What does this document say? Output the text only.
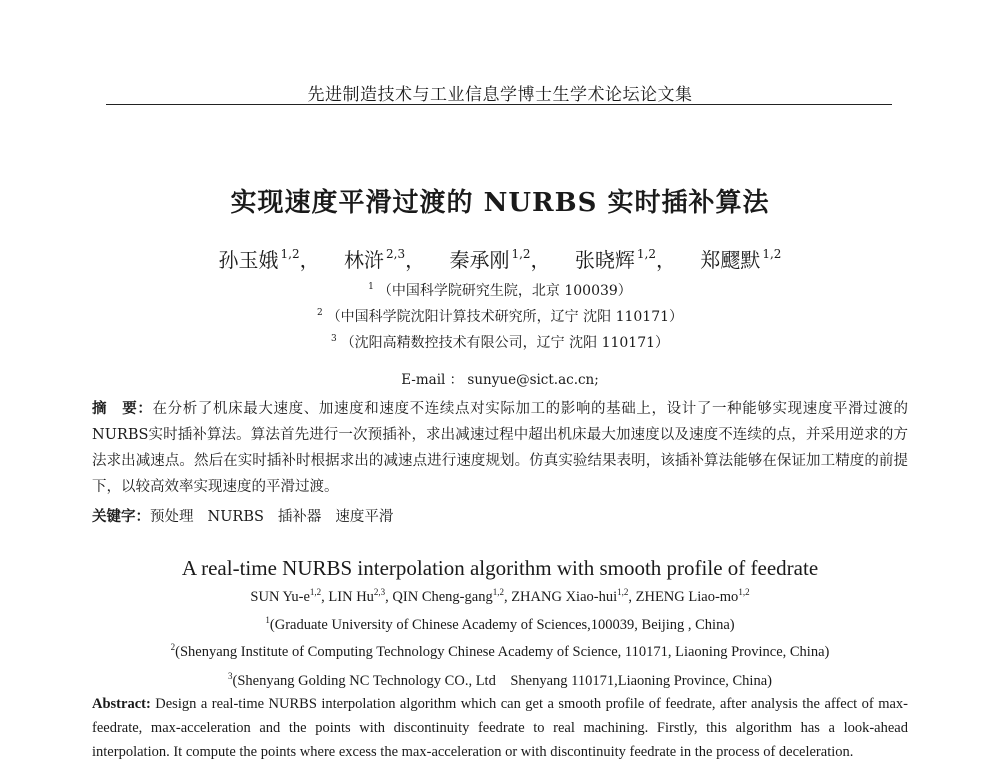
先进制造技术与工业信息学博士生学术论坛论文集
实现速度平滑过渡的 NURBS 实时插补算法
孙玉娥 $^{1,2}$， 林浒 $^{2,3}$， 秦承刚 $^{1,2}$， 张晓辉 $^{1,2}$， 郑飂默 $^{1,2}$
$^1$ （中国科学院研究生院，北京 100039）
$^2$ （中国科学院沈阳计算技术研究所，辽宁 沈阳 110171）
$^3$ （沈阳高精数控技术有限公司，辽宁 沈阳 110171）
E-mail ： sunyue@sict.ac.cn;
摘　要：在分析了机床最大速度、加速度和速度不连续点对实际加工的影响的基础上，设计了一种能够实现速度平滑过渡的NURBS实时插补算法。算法首先进行一次预插补，求出减速过程中超出机床最大加速度以及速度不连续的点，并采用逆求的方法求出减速点。然后在实时插补时根据求出的减速点进行速度规划。仿真实验结果表明，该插补算法能够在保证加工精度的前提下，以较高效率实现速度的平滑过渡。
关键字：预处理 NURBS 插补器 速度平滑
A real-time NURBS interpolation algorithm with smooth profile of feedrate
SUN $Yu-e^{1,2}$, LIN Hu$^{2,3}$, QIN Cheng-gang$^{1,2}$, ZHANG Xiao-hui$^{1,2}$, ZHENG Liao-mo$^{1,2}$
$^1$(Graduate University of Chinese Academy of Sciences,100039, Beijing , China)
$^2$(Shenyang Institute of Computing Technology Chinese Academy of Science, 110171, Liaoning Province, China)
$^3$(Shenyang Golding NC Technology CO., Ltd　Shenyang 110171,Liaoning Province, China)
Abstract: Design a real-time NURBS interpolation algorithm which can get a smooth profile of feedrate, after analysis the affect of max-feedrate, max-acceleration and the points with discontinuity feedrate to real machining. Firstly, this algorithm has a look-ahead interpolation. It compute the points where excess the max-acceleration or with discontinuity feedrate in the process of deceleration.
